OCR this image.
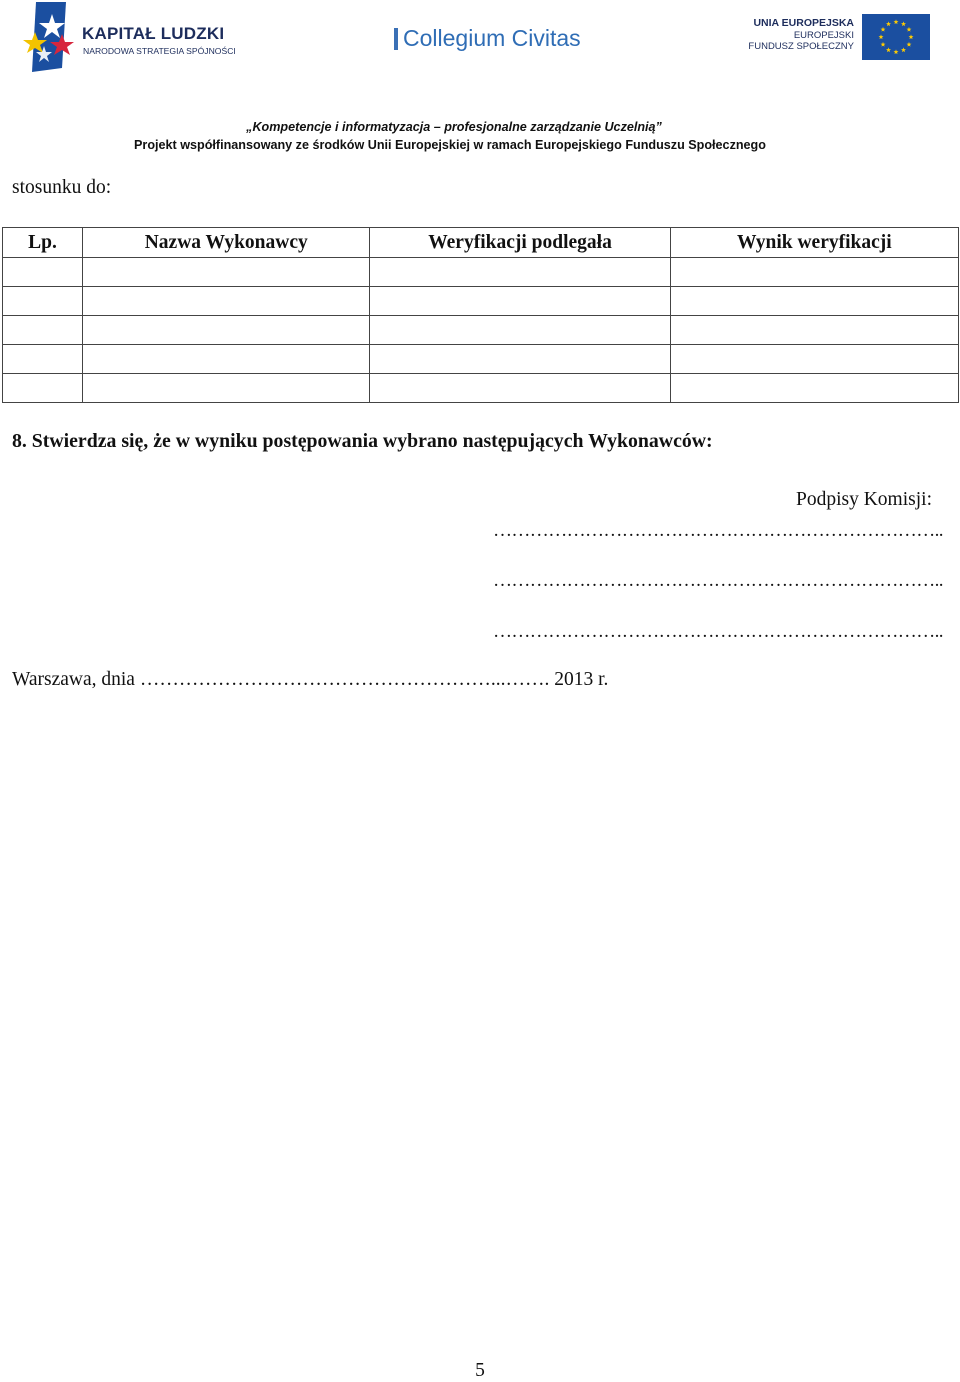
KAPITAŁ LUDZKI
NARODOWA STRATEGIA SPÓJNOŚCI	Collegium Civitas
UNIA EUROPEJSKA
EUROPEJSKI
FUNDUSZ SPOŁECZNY
„Kompetencje i informatyzacja – profesjonalne zarządzanie Uczelnią”
Projekt współfinansowany ze środków Unii Europejskiej w ramach Europejskiego Funduszu Społecznego
stosunku do:
Lp.	Nazwa Wykonawcy	Weryfikacji podlegała	Wynik weryfikacji

8. Stwierdza się, że w wyniku postępowania wybrano następujących Wykonawców:
Podpisy Komisji:
………………………………………………………………..
………………………………………………………………..
………………………………………………………………..
Warszawa, dnia ………………………………………………...……. 2013 r.
5
